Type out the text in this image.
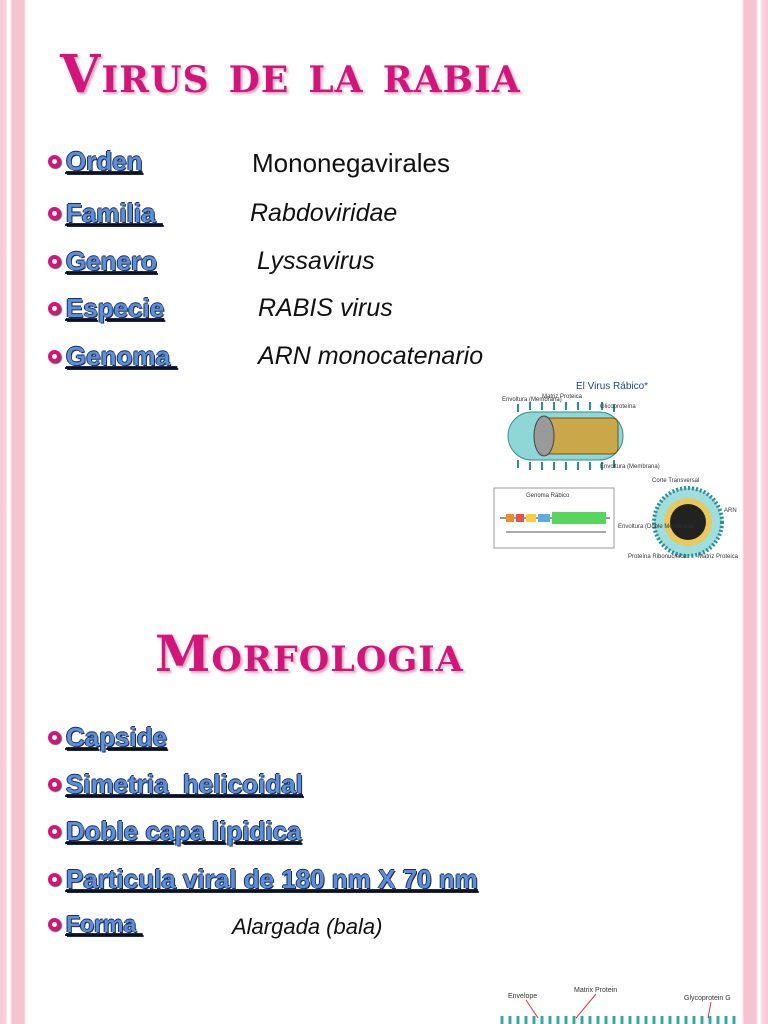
Virus de la rabia
Orden	Mononegavirales
Familia	Rabdoviridae
Genero	Lyssavirus
Especie	RABIS virus
Genoma	ARN monocatenario
El Virus Rábico*
Envoltura (Membrana)
Matriz Proteica
Glicoproteína
Envoltura (Membrana)
Corte Transversal
Genoma Rábico
ARN
Envoltura (Doble Membrana)
Proteína Ribonucleica Matriz Proteica
Morfologia
Capside
Simetria  helicoidal
Doble capa lipidica
Particula viral de 180 nm X 70 nm
Forma	Alargada (bala)
Envelope
Matrix Protein
Glycoprotein G
